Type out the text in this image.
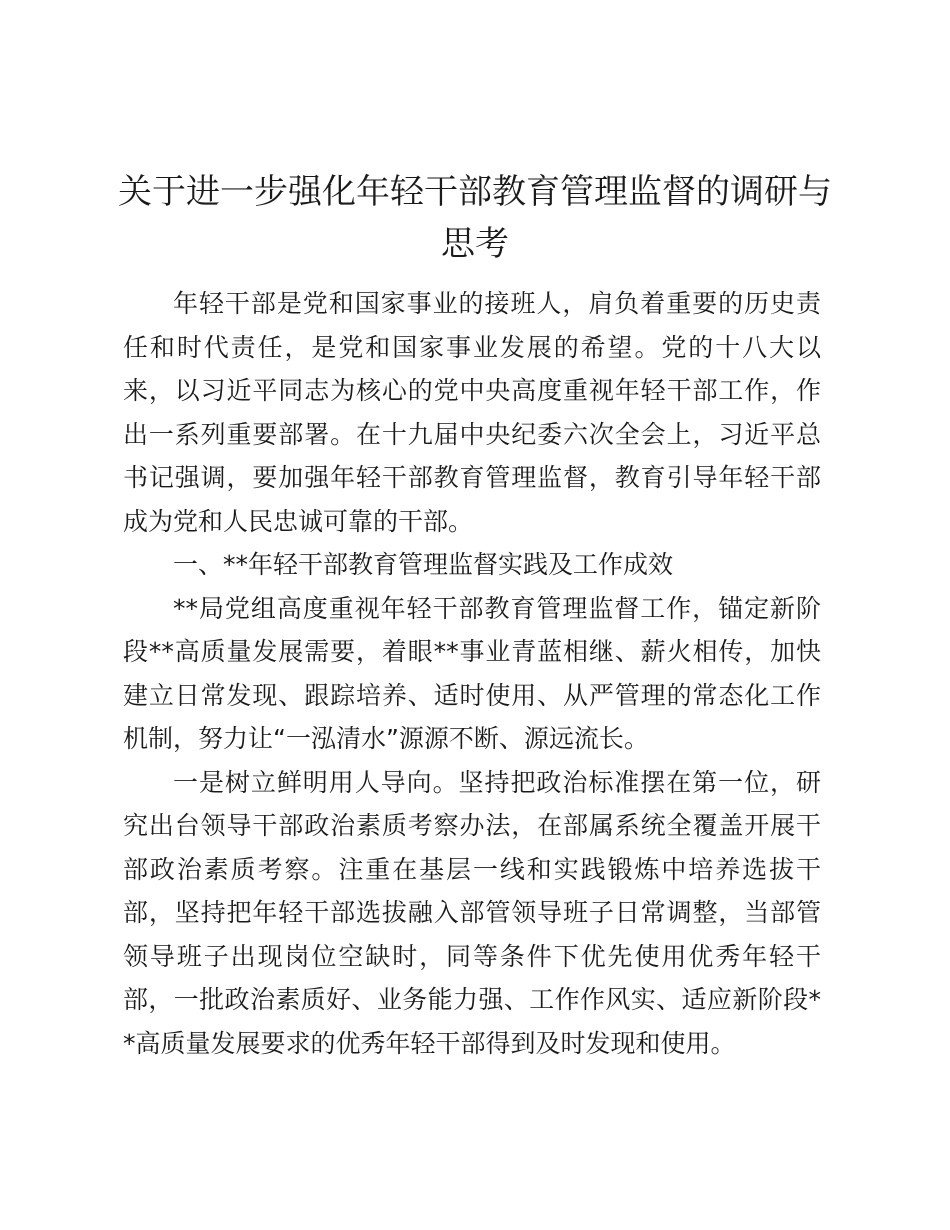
关于进一步强化年轻干部教育管理监督的调研与思考

年轻干部是党和国家事业的接班人，肩负着重要的历史责任和时代责任，是党和国家事业发展的希望。党的十八大以来，以习近平同志为核心的党中央高度重视年轻干部工作，作出一系列重要部署。在十九届中央纪委六次全会上，习近平总书记强调，要加强年轻干部教育管理监督，教育引导年轻干部成为党和人民忠诚可靠的干部。

一、**年轻干部教育管理监督实践及工作成效

**局党组高度重视年轻干部教育管理监督工作，锚定新阶段**高质量发展需要，着眼**事业青蓝相继、薪火相传，加快建立日常发现、跟踪培养、适时使用、从严管理的常态化工作机制，努力让“一泓清水”源源不断、源远流长。

一是树立鲜明用人导向。坚持把政治标准摆在第一位，研究出台领导干部政治素质考察办法，在部属系统全覆盖开展干部政治素质考察。注重在基层一线和实践锻炼中培养选拔干部，坚持把年轻干部选拔融入部管领导班子日常调整，当部管领导班子出现岗位空缺时，同等条件下优先使用优秀年轻干部，一批政治素质好、业务能力强、工作作风实、适应新阶段**高质量发展要求的优秀年轻干部得到及时发现和使用。
